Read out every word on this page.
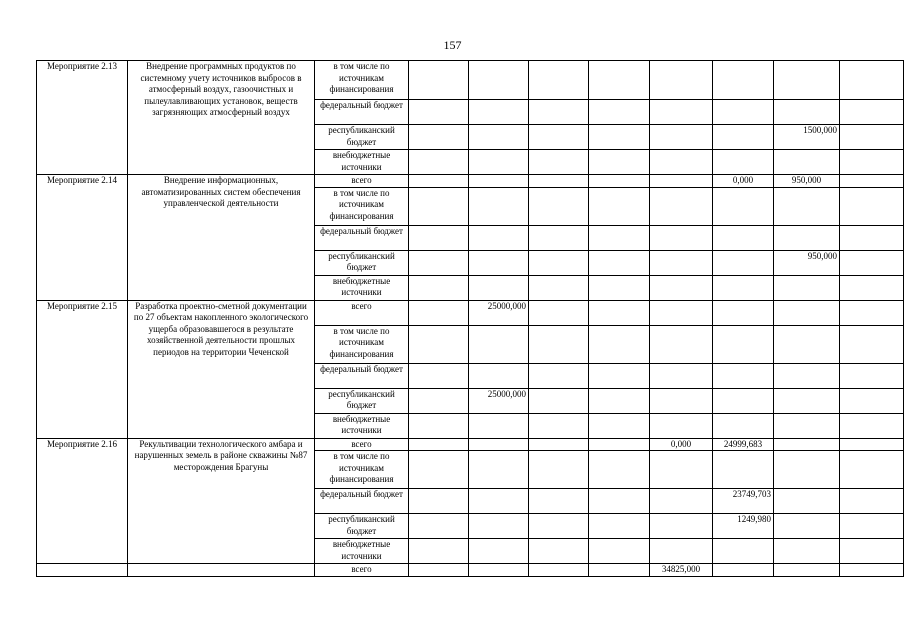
157
Мероприятие 2.13	Внедрение программных продуктов по системному учету источников выбросов в атмосферный воздух, газоочистных и пылеулавливающих установок, веществ загрязняющих атмосферный воздух	в том числе по источникам финансирования								
		федеральный бюджет								
		республиканский бюджет							1500,000	
		внебюджетные источники								
Мероприятие 2.14	Внедрение информационных, автоматизированных систем обеспечения управленческой деятельности	всего						0,000	950,000	
		в том числе по источникам финансирования								
		федеральный бюджет								
		республиканский бюджет							950,000	
		внебюджетные источники								
Мероприятие 2.15	Разработка проектно-сметной документации по 27 объектам накопленного экологического ущерба образовавшегося в результате хозяйственной деятельности прошлых периодов на территории Чеченской	всего		25000,000						
		в том числе по источникам финансирования								
		федеральный бюджет								
		республиканский бюджет		25000,000						
		внебюджетные источники								
Мероприятие 2.16	Рекультивации технологического амбара и нарушенных земель в районе скважины №87 месторождения Брагуны	всего					0,000	24999,683		
		в том числе по источникам финансирования								
		федеральный бюджет						23749,703		
		республиканский бюджет						1249,980		
		внебюджетные источники								
		всего					34825,000			
